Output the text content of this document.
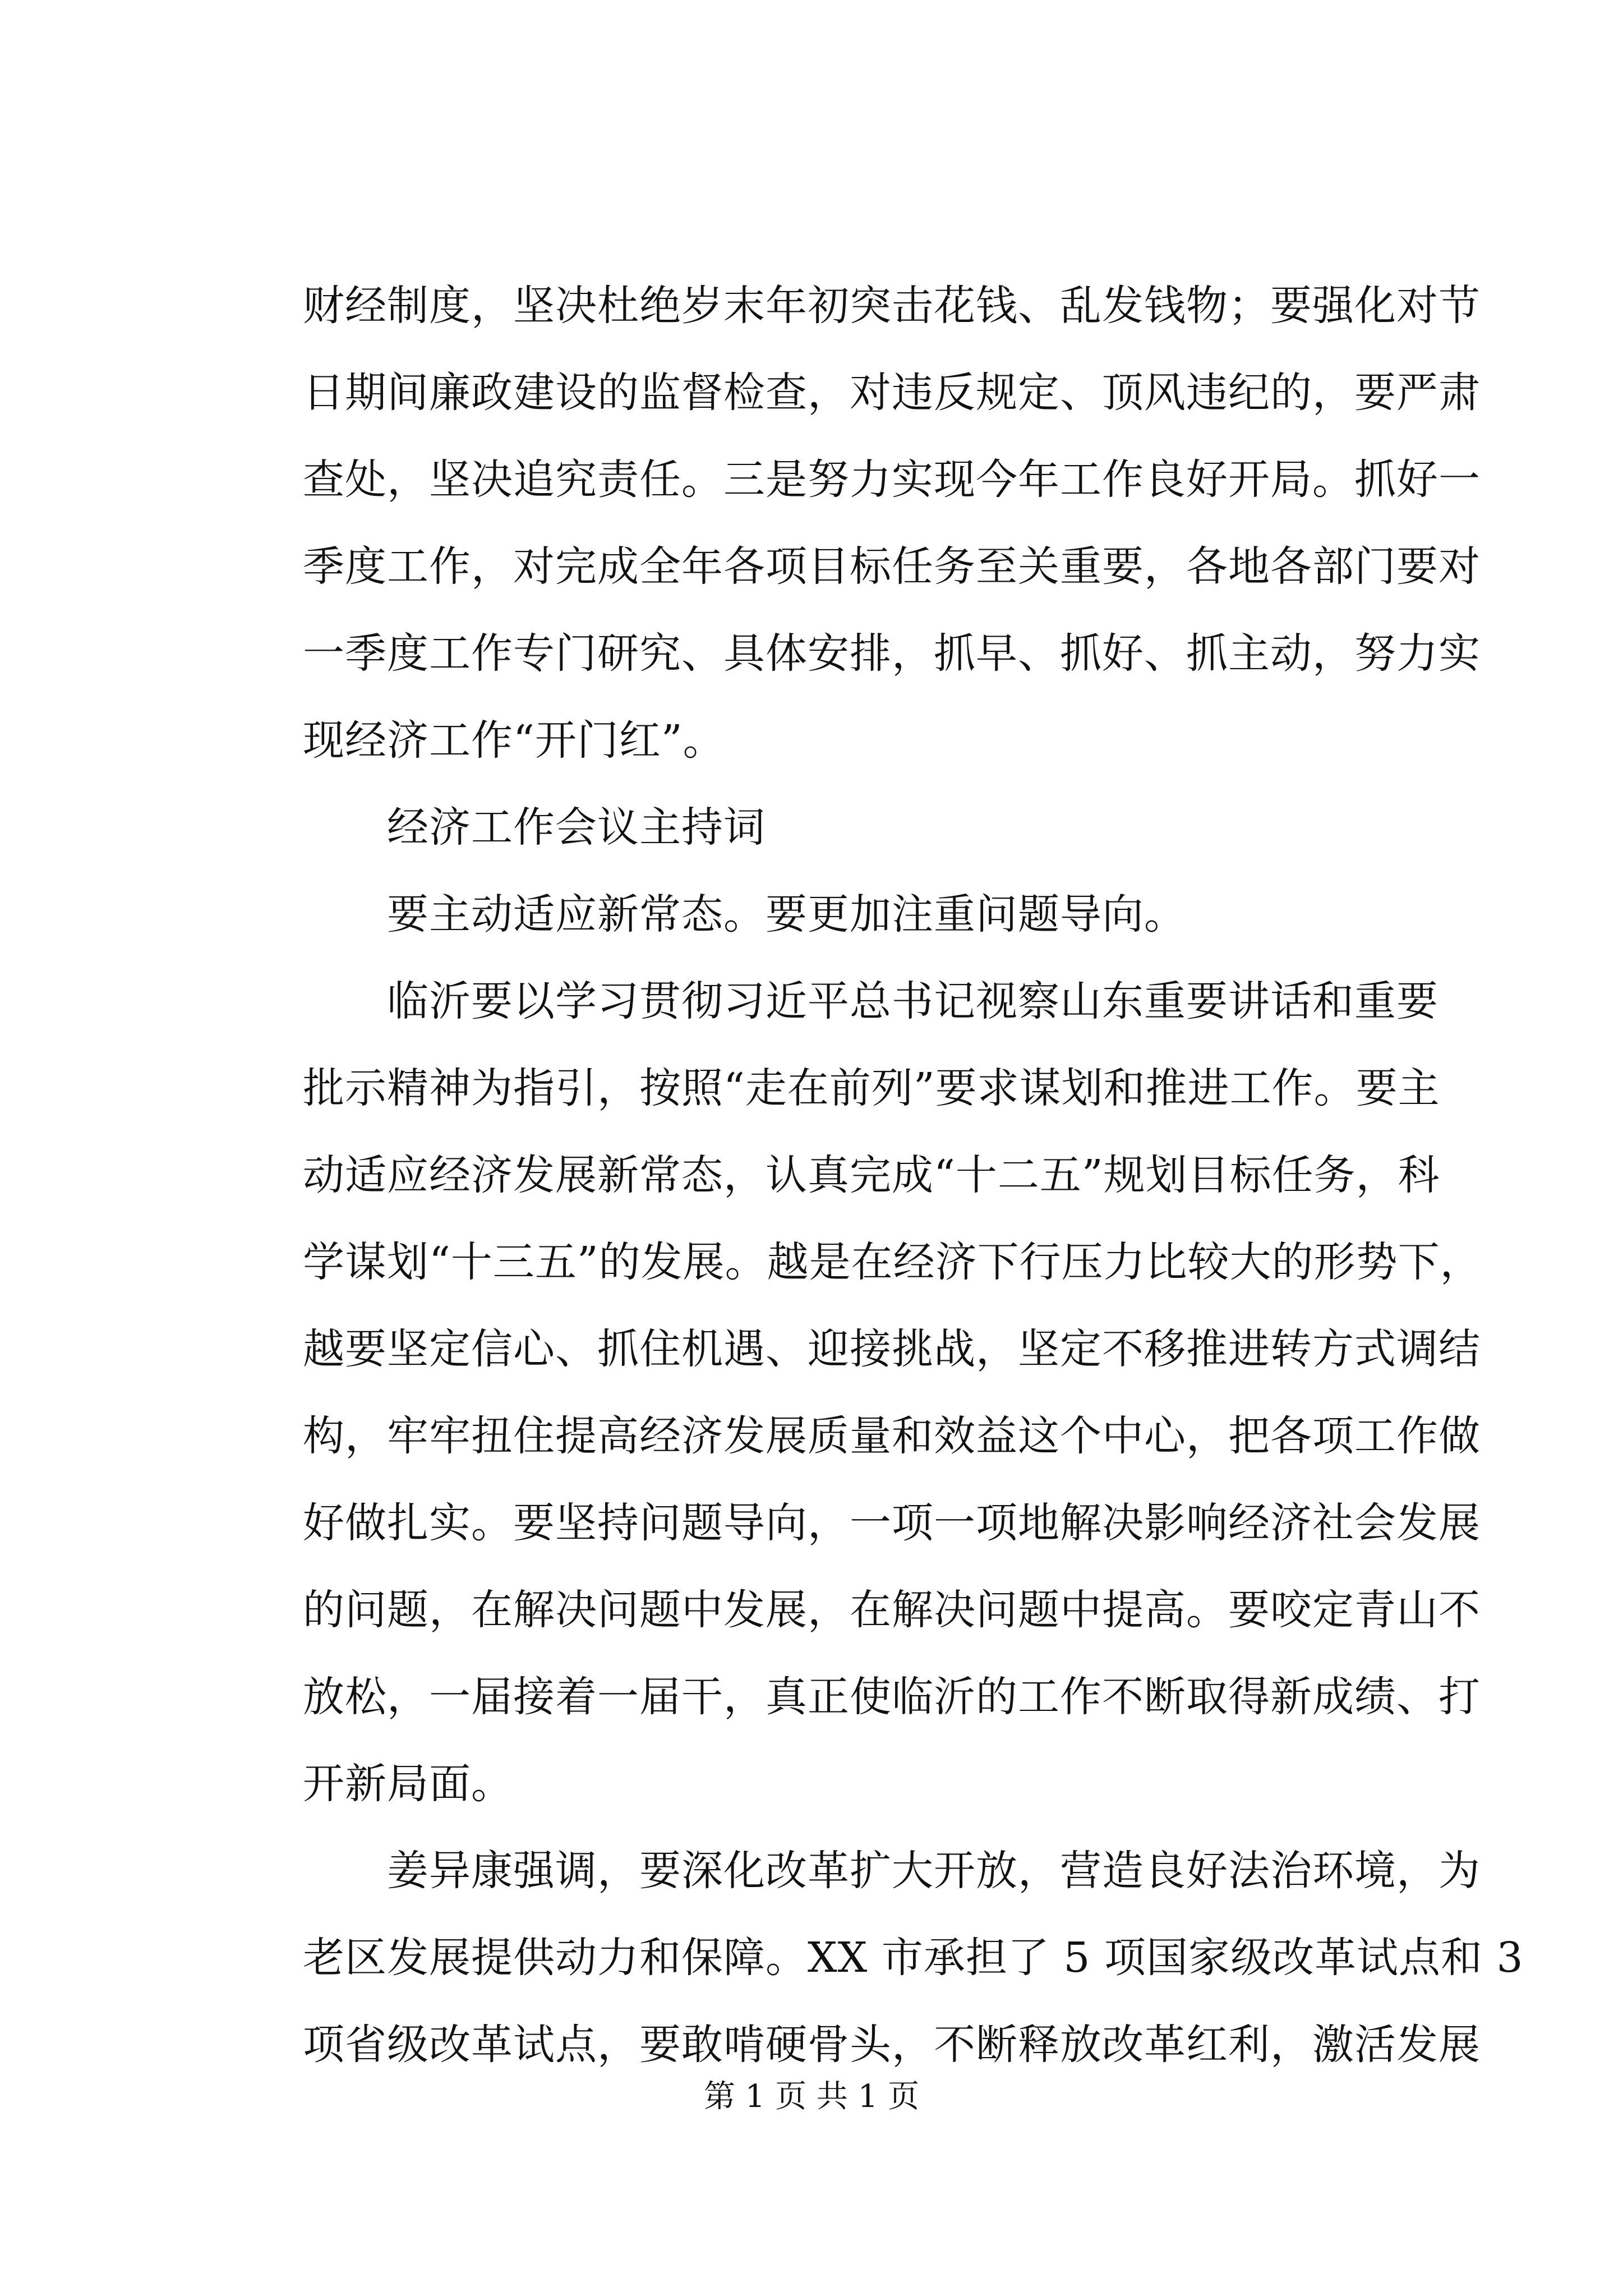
财经制度，坚决杜绝岁末年初突击花钱、乱发钱物；要强化对节
日期间廉政建设的监督检查，对违反规定、顶风违纪的，要严肃
查处，坚决追究责任。三是努力实现今年工作良好开局。抓好一
季度工作，对完成全年各项目标任务至关重要，各地各部门要对
一季度工作专门研究、具体安排，抓早、抓好、抓主动，努力实
现经济工作“开门红”。
经济工作会议主持词
要主动适应新常态。要更加注重问题导向。
临沂要以学习贯彻习近平总书记视察山东重要讲话和重要
批示精神为指引，按照“走在前列”要求谋划和推进工作。要主
动适应经济发展新常态，认真完成“十二五”规划目标任务，科
学谋划“十三五”的发展。越是在经济下行压力比较大的形势下，
越要坚定信心、抓住机遇、迎接挑战，坚定不移推进转方式调结
构，牢牢扭住提高经济发展质量和效益这个中心，把各项工作做
好做扎实。要坚持问题导向，一项一项地解决影响经济社会发展
的问题，在解决问题中发展，在解决问题中提高。要咬定青山不
放松，一届接着一届干，真正使临沂的工作不断取得新成绩、打
开新局面。
姜异康强调，要深化改革扩大开放，营造良好法治环境，为
老区发展提供动力和保障。XX 市承担了 5 项国家级改革试点和 3
项省级改革试点，要敢啃硬骨头，不断释放改革红利，激活发展
第 1 页 共 1 页
